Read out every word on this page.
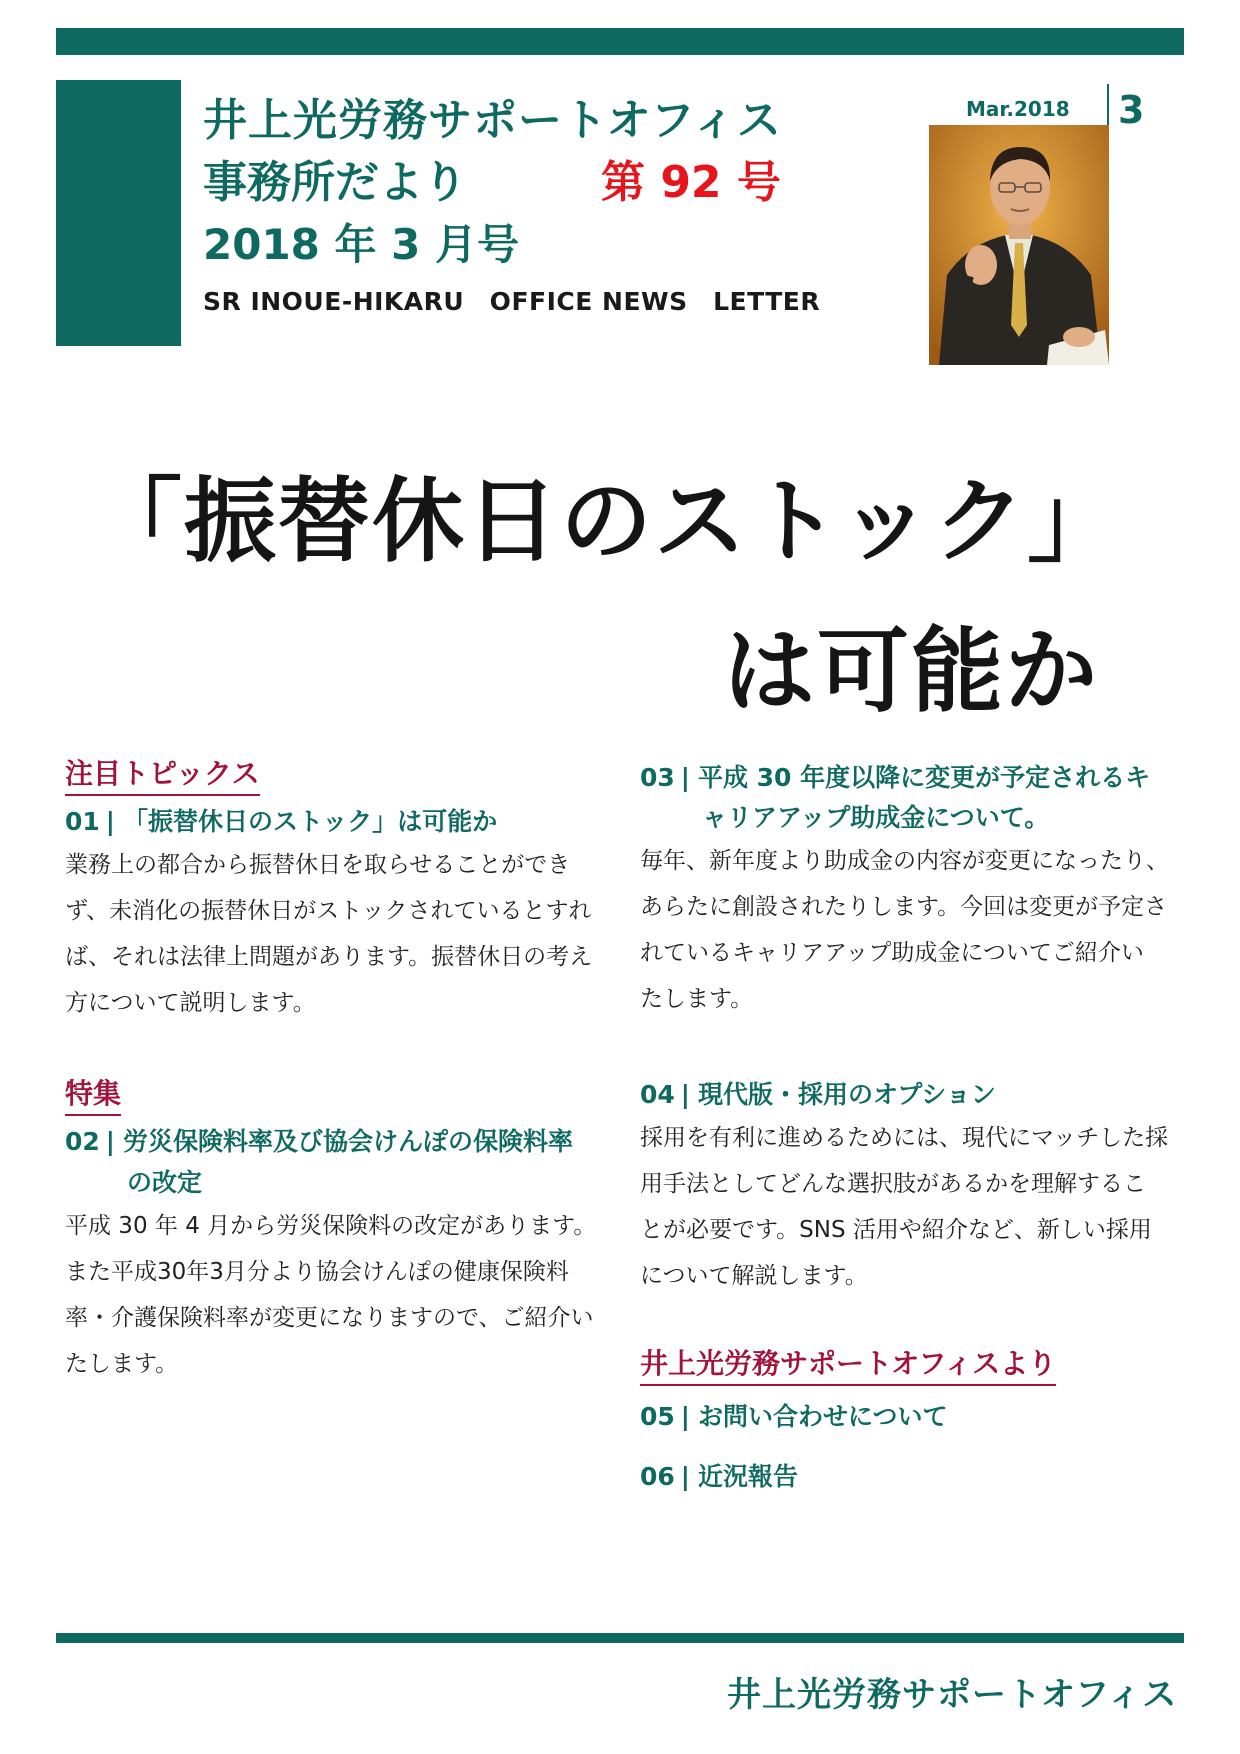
井上光労務サポートオフィス
事務所だより	第 92 号
2018 年 3 月号
SR INOUE-HIKARU　OFFICE NEWS　LETTER
Mar.2018 3
「振替休日のストック」
は可能か
注目トピックス
01 | 「振替休日のストック」は可能か
業務上の都合から振替休日を取らせることができ
ず、未消化の振替休日がストックされているとすれ
ば、それは法律上問題があります。振替休日の考え
方について説明します。
特集
02 | 労災保険料率及び協会けんぽの保険料率
の改定
平成 30 年 4 月から労災保険料の改定があります。
また平成30年3月分より協会けんぽの健康保険料
率・介護保険料率が変更になりますので、ご紹介い
たします。
03 | 平成 30 年度以降に変更が予定されるキ
ャリアアップ助成金について。
毎年、新年度より助成金の内容が変更になったり、
あらたに創設されたりします。今回は変更が予定さ
れているキャリアアップ助成金についてご紹介い
たします。
04 | 現代版・採用のオプション
採用を有利に進めるためには、現代にマッチした採
用手法としてどんな選択肢があるかを理解するこ
とが必要です。SNS 活用や紹介など、新しい採用
について解説します。
井上光労務サポートオフィスより
05 | お問い合わせについて
06 | 近況報告
井上光労務サポートオフィス
